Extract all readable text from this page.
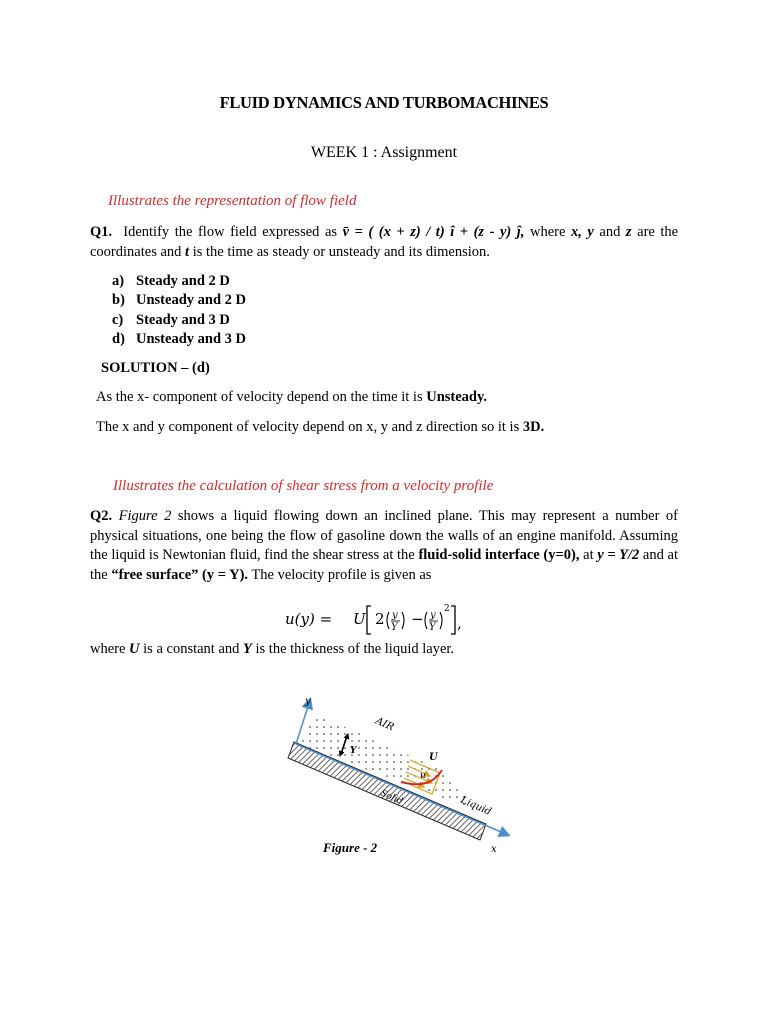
FLUID DYNAMICS AND TURBOMACHINES
WEEK 1 : Assignment
Illustrates the representation of flow field
Q1. Identify the flow field expressed as v̄ = ( (x + z) / t) î + (z - y) ĵ, where x, y and z are the coordinates and t is the time as steady or unsteady and its dimension.
a) Steady and 2 D
b) Unsteady and 2 D
c) Steady and 3 D
d) Unsteady and 3 D
SOLUTION – (d)
As the x- component of velocity depend on the time it is Unsteady.
The x and y component of velocity depend on x, y and z direction so it is 3D.
Illustrates the calculation of shear stress from a velocity profile
Q2. Figure 2 shows a liquid flowing down an inclined plane. This may represent a number of physical situations, one being the flow of gasoline down the walls of an engine manifold. Assuming the liquid is Newtonian fluid, find the shear stress at the fluid-solid interface (y=0), at y = Y/2 and at the “free surface” (y = Y). The velocity profile is given as
u(y) = U 2 y
Y − y
Y
2
,
where U is a constant and Y is the thickness of the liquid layer.
y
x
AIR
U
u
Y
Solid	Liquid
Figure - 2
